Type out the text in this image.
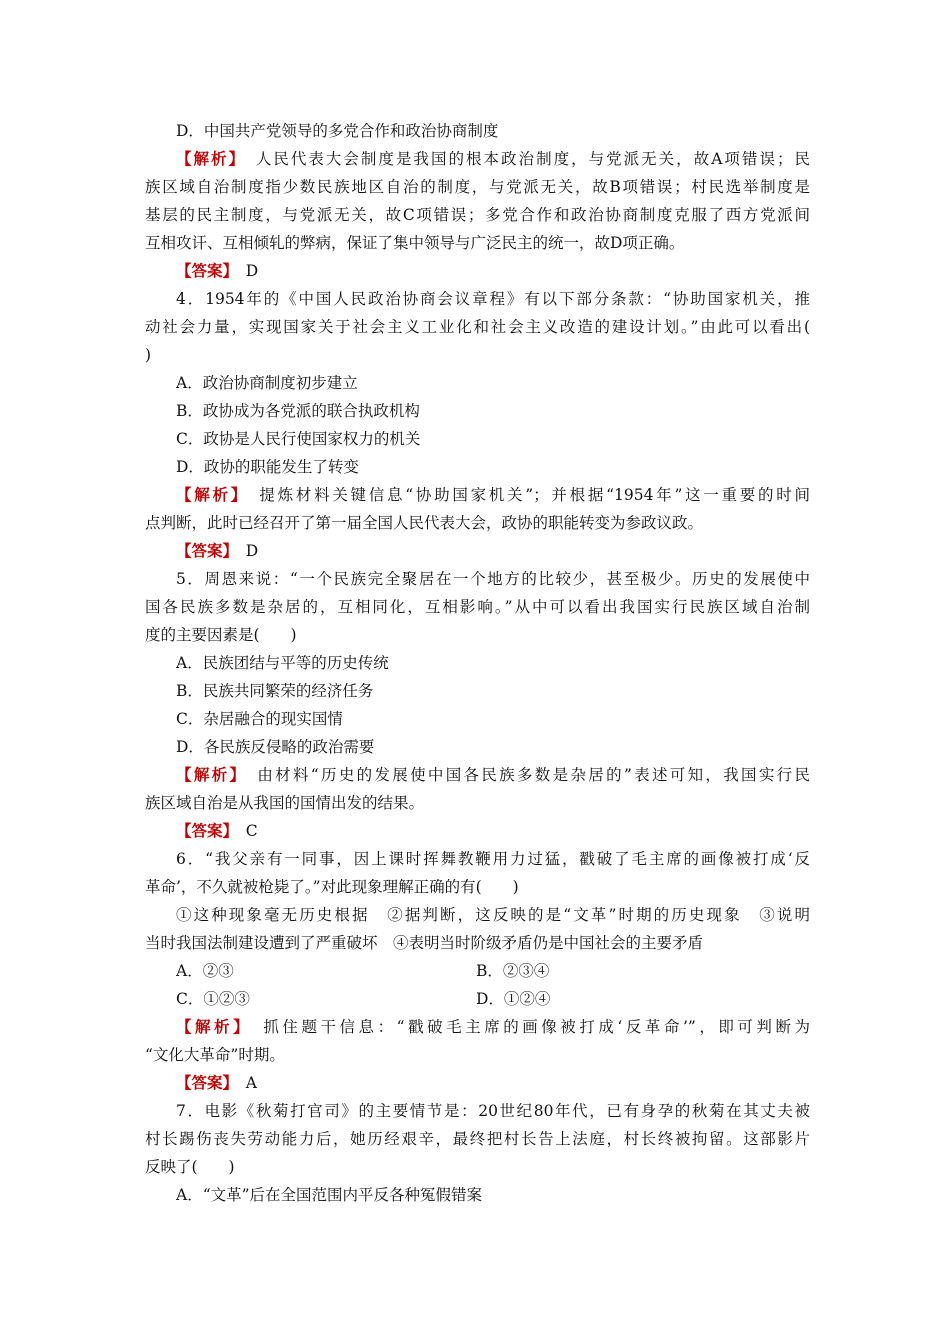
D．中国共产党领导的多党合作和政治协商制度
【解析】　人民代表大会制度是我国的根本政治制度，与党派无关，故A项错误；民
族区域自治制度指少数民族地区自治的制度，与党派无关，故B项错误；村民选举制度是
基层的民主制度，与党派无关，故C项错误；多党合作和政治协商制度克服了西方党派间
互相攻讦、互相倾轧的弊病，保证了集中领导与广泛民主的统一，故D项正确。
【答案】　D
4．1954年的《中国人民政治协商会议章程》有以下部分条款：“协助国家机关，推
动社会力量，实现国家关于社会主义工业化和社会主义改造的建设计划。”由此可以看出(
)
A．政治协商制度初步建立
B．政协成为各党派的联合执政机构
C．政协是人民行使国家权力的机关
D．政协的职能发生了转变
【解析】　提炼材料关键信息“协助国家机关”；并根据“1954年”这一重要的时间
点判断，此时已经召开了第一届全国人民代表大会，政协的职能转变为参政议政。
【答案】　D
5．周恩来说：“一个民族完全聚居在一个地方的比较少，甚至极少。历史的发展使中
国各民族多数是杂居的，互相同化，互相影响。”从中可以看出我国实行民族区域自治制
度的主要因素是(　　)
A．民族团结与平等的历史传统
B．民族共同繁荣的经济任务
C．杂居融合的现实国情
D．各民族反侵略的政治需要
【解析】　由材料“历史的发展使中国各民族多数是杂居的”表述可知，我国实行民
族区域自治是从我国的国情出发的结果。
【答案】　C
6．“我父亲有一同事，因上课时挥舞教鞭用力过猛，戳破了毛主席的画像被打成‘反
革命’，不久就被枪毙了。”对此现象理解正确的有(　　)
①这种现象毫无历史根据　②据判断，这反映的是“文革”时期的历史现象　③说明
当时我国法制建设遭到了严重破坏　④表明当时阶级矛盾仍是中国社会的主要矛盾
A．②③	B．②③④
C．①②③	D．①②④
【解析】　抓住题干信息：“戳破毛主席的画像被打成‘反革命’”，即可判断为
“文化大革命”时期。
【答案】　A
7．电影《秋菊打官司》的主要情节是：20世纪80年代，已有身孕的秋菊在其丈夫被
村长踢伤丧失劳动能力后，她历经艰辛，最终把村长告上法庭，村长终被拘留。这部影片
反映了(　　)
A．“文革”后在全国范围内平反各种冤假错案
